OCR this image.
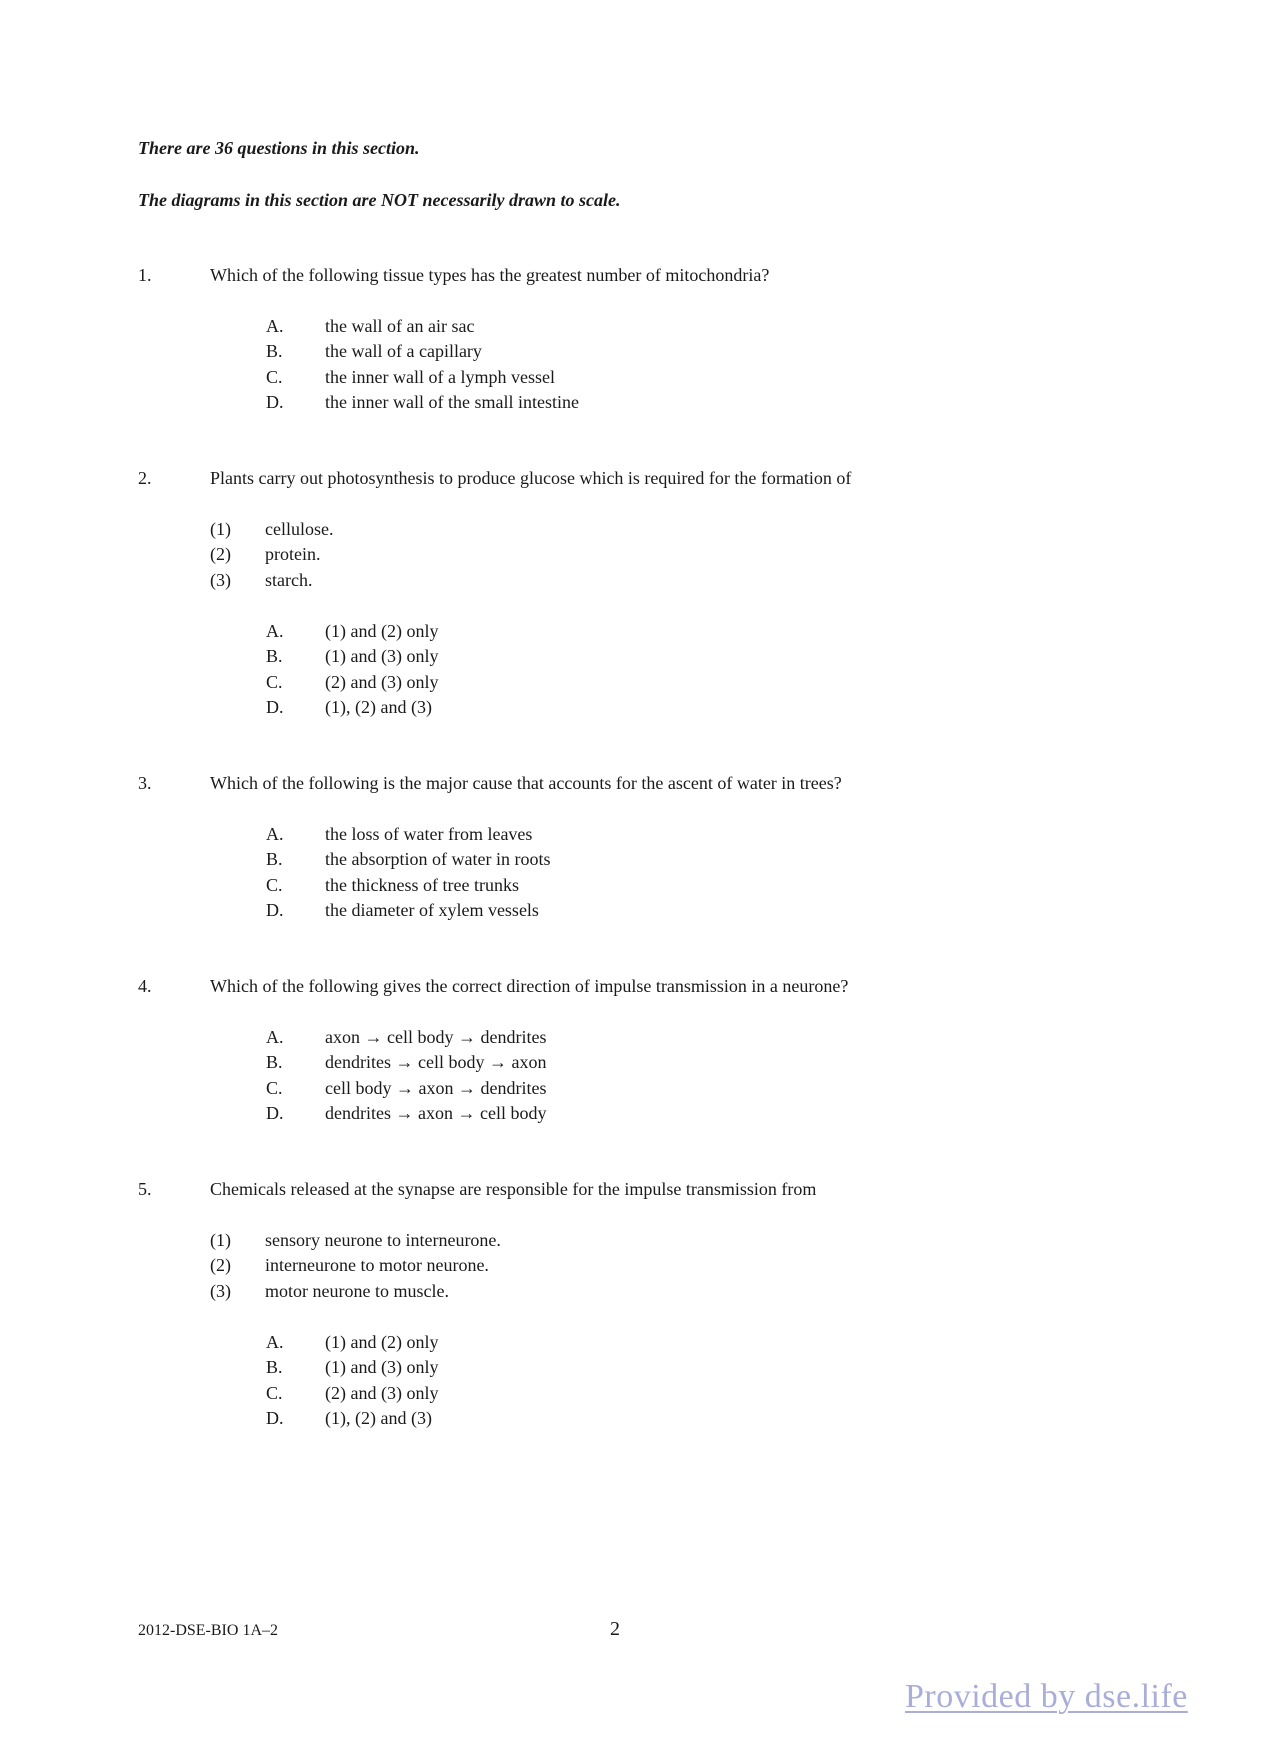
There are 36 questions in this section.
The diagrams in this section are NOT necessarily drawn to scale.
1.	Which of the following tissue types has the greatest number of mitochondria?
A. the wall of an air sac
B. the wall of a capillary
C. the inner wall of a lymph vessel
D. the inner wall of the small intestine
2.	Plants carry out photosynthesis to produce glucose which is required for the formation of
(1) cellulose.
(2) protein.
(3) starch.
A. (1) and (2) only
B. (1) and (3) only
C. (2) and (3) only
D. (1), (2) and (3)
3.	Which of the following is the major cause that accounts for the ascent of water in trees?
A. the loss of water from leaves
B. the absorption of water in roots
C. the thickness of tree trunks
D. the diameter of xylem vessels
4.	Which of the following gives the correct direction of impulse transmission in a neurone?
A. axon → cell body → dendrites
B. dendrites → cell body → axon
C. cell body → axon → dendrites
D. dendrites → axon → cell body
5.	Chemicals released at the synapse are responsible for the impulse transmission from
(1) sensory neurone to interneurone.
(2) interneurone to motor neurone.
(3) motor neurone to muscle.
A. (1) and (2) only
B. (1) and (3) only
C. (2) and (3) only
D. (1), (2) and (3)
2012-DSE-BIO 1A–2	2
Provided by dse.life
